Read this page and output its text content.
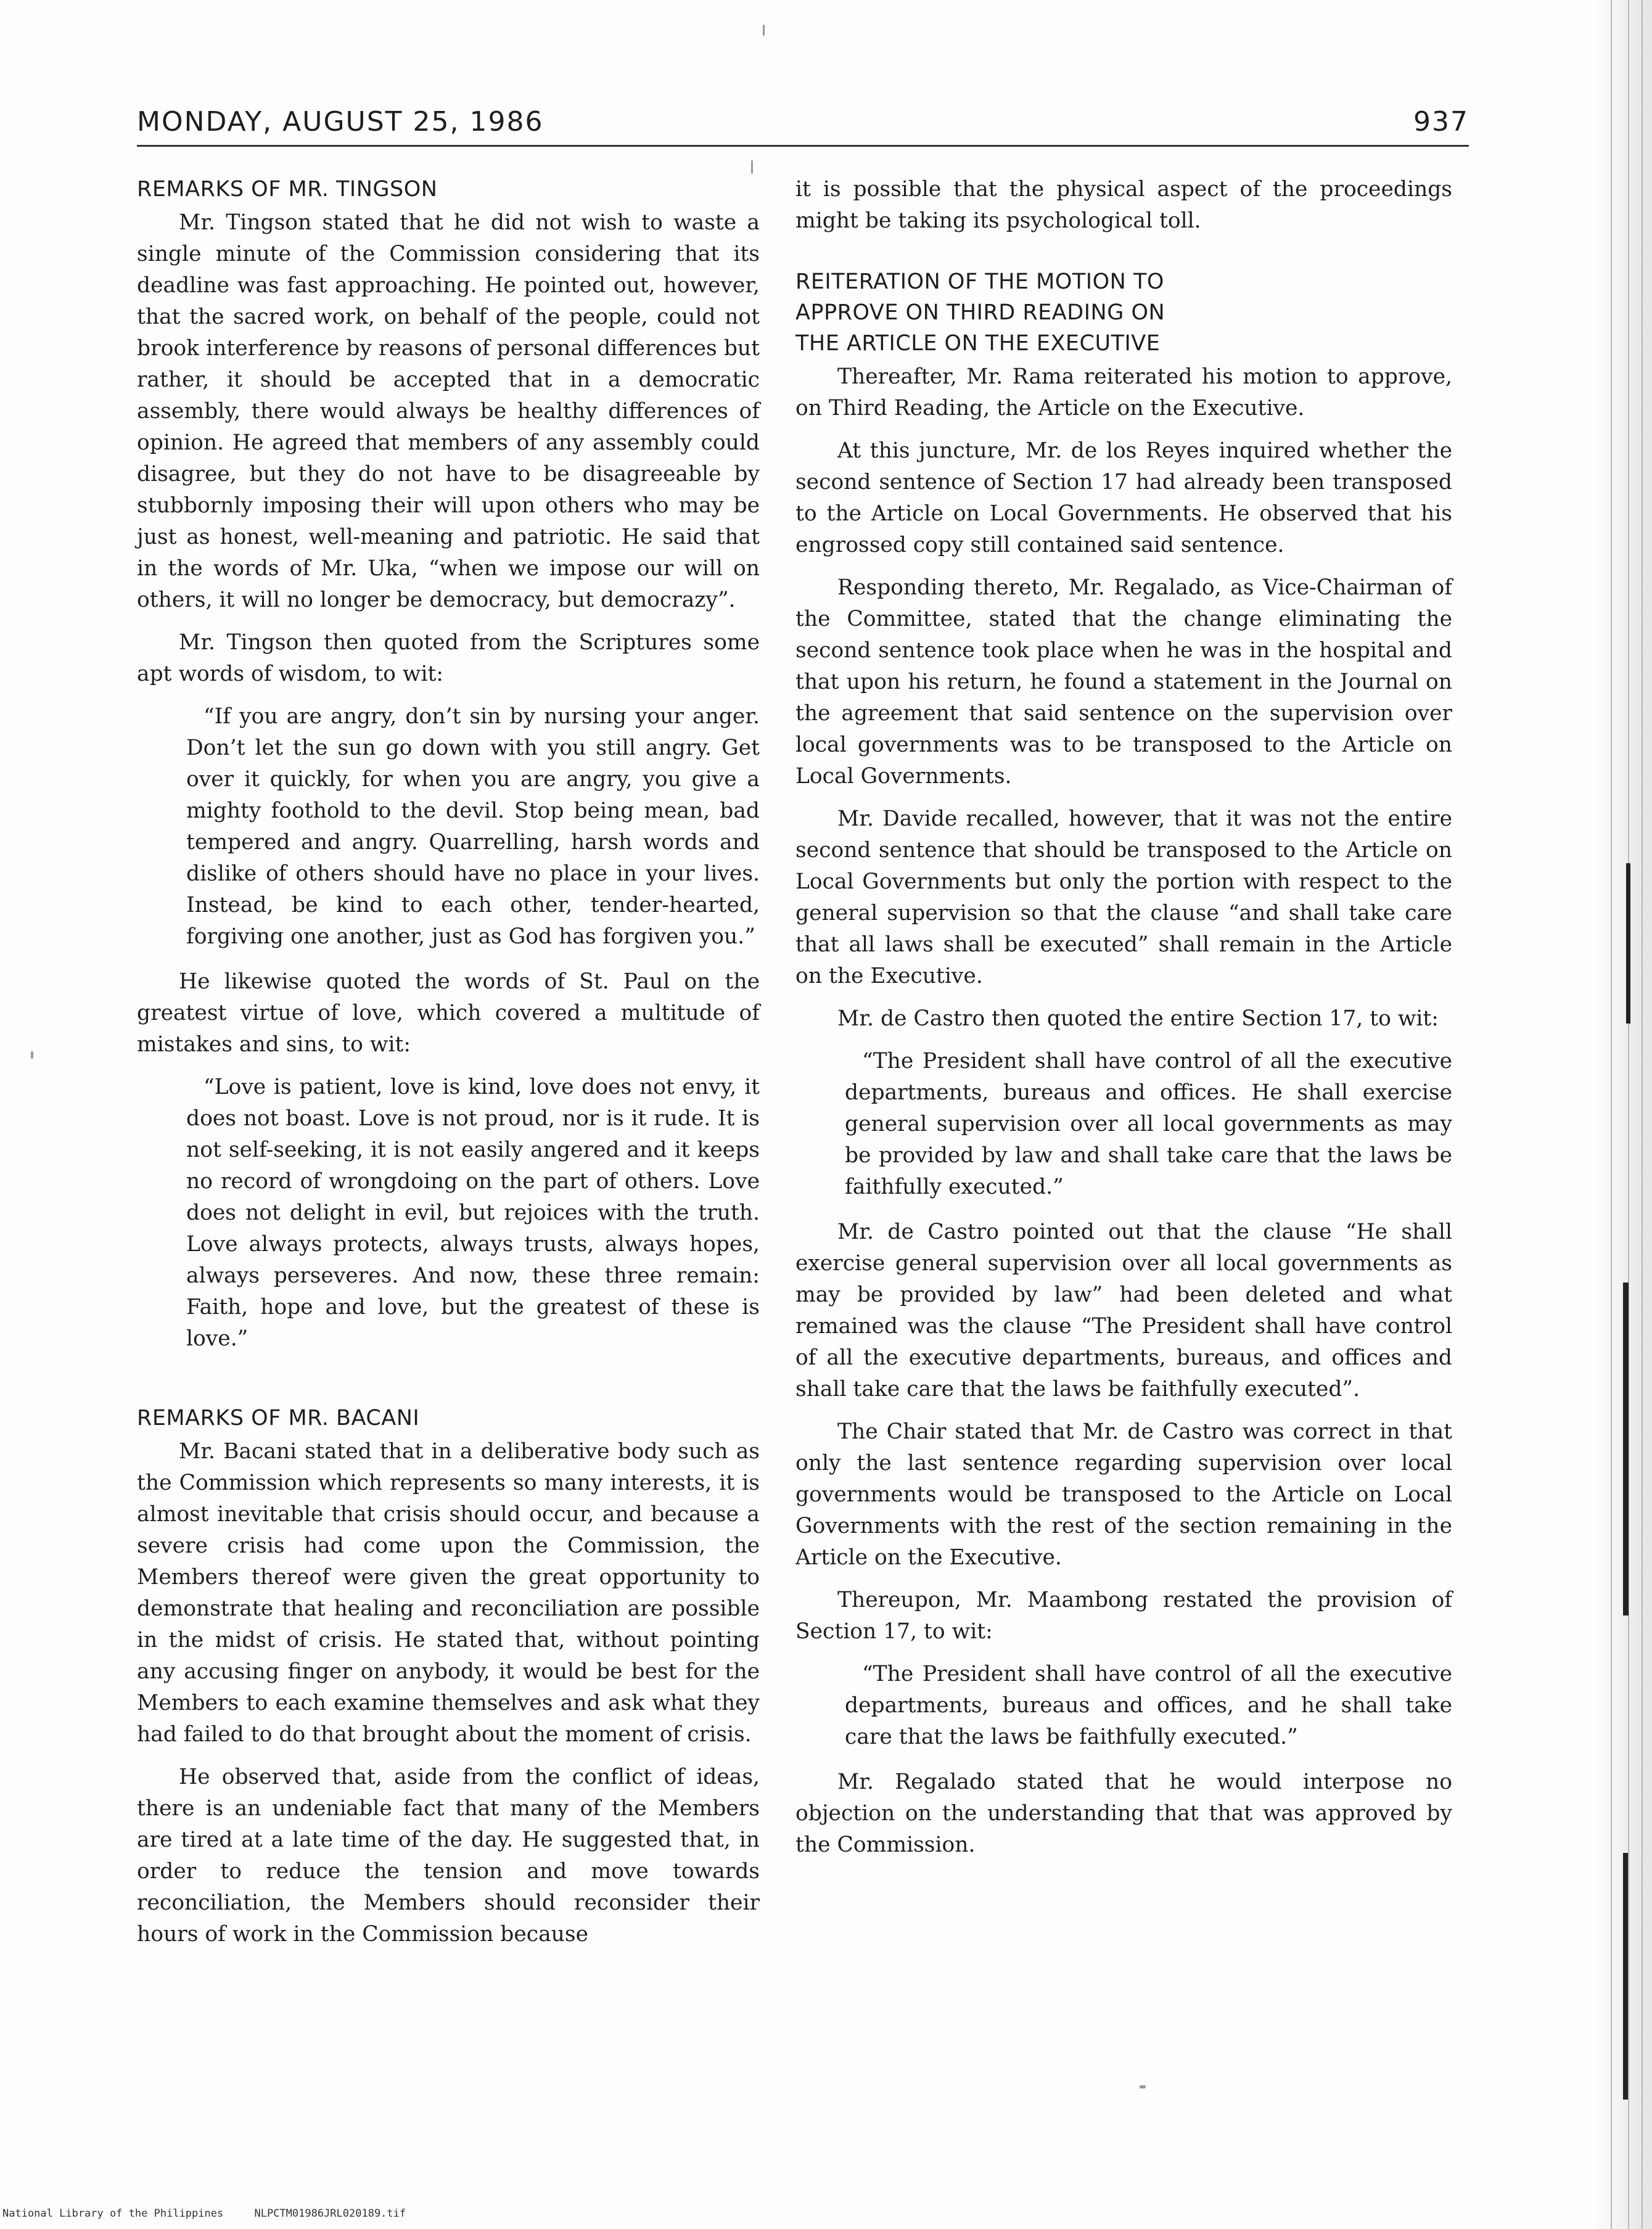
MONDAY, AUGUST 25, 1986	937
REMARKS OF MR. TINGSON

Mr. Tingson stated that he did not wish to waste a single minute of the Commission considering that its deadline was fast approaching. He pointed out, however, that the sacred work, on behalf of the people, could not brook interference by reasons of personal differences but rather, it should be accepted that in a democratic assembly, there would always be healthy differences of opinion. He agreed that members of any assembly could disagree, but they do not have to be disagreeable by stubbornly imposing their will upon others who may be just as honest, well-meaning and patriotic. He said that in the words of Mr. Uka, “when we impose our will on others, it will no longer be democracy, but democrazy”.

Mr. Tingson then quoted from the Scriptures some apt words of wisdom, to wit:

“If you are angry, don’t sin by nursing your anger. Don’t let the sun go down with you still angry. Get over it quickly, for when you are angry, you give a mighty foothold to the devil. Stop being mean, bad tempered and angry. Quarrelling, harsh words and dislike of others should have no place in your lives. Instead, be kind to each other, tender-hearted, forgiving one another, just as God has forgiven you.”

He likewise quoted the words of St. Paul on the greatest virtue of love, which covered a multitude of mistakes and sins, to wit:

“Love is patient, love is kind, love does not envy, it does not boast. Love is not proud, nor is it rude. It is not self-seeking, it is not easily angered and it keeps no record of wrongdoing on the part of others. Love does not delight in evil, but rejoices with the truth. Love always protects, always trusts, always hopes, always perseveres. And now, these three remain: Faith, hope and love, but the greatest of these is love.”

REMARKS OF MR. BACANI

Mr. Bacani stated that in a deliberative body such as the Commission which represents so many interests, it is almost inevitable that crisis should occur, and because a severe crisis had come upon the Commission, the Members thereof were given the great opportunity to demonstrate that healing and reconciliation are possible in the midst of crisis. He stated that, without pointing any accusing finger on anybody, it would be best for the Members to each examine themselves and ask what they had failed to do that brought about the moment of crisis.

He observed that, aside from the conflict of ideas, there is an undeniable fact that many of the Members are tired at a late time of the day. He suggested that, in order to reduce the tension and move towards reconciliation, the Members should reconsider their hours of work in the Commission because

it is possible that the physical aspect of the proceedings might be taking its psychological toll.

REITERATION OF THE MOTION TO
APPROVE ON THIRD READING ON
THE ARTICLE ON THE EXECUTIVE

Thereafter, Mr. Rama reiterated his motion to approve, on Third Reading, the Article on the Executive.

At this juncture, Mr. de los Reyes inquired whether the second sentence of Section 17 had already been transposed to the Article on Local Governments. He observed that his engrossed copy still contained said sentence.

Responding thereto, Mr. Regalado, as Vice-Chairman of the Committee, stated that the change eliminating the second sentence took place when he was in the hospital and that upon his return, he found a statement in the Journal on the agreement that said sentence on the supervision over local governments was to be transposed to the Article on Local Governments.

Mr. Davide recalled, however, that it was not the entire second sentence that should be transposed to the Article on Local Governments but only the portion with respect to the general supervision so that the clause “and shall take care that all laws shall be executed” shall remain in the Article on the Executive.

Mr. de Castro then quoted the entire Section 17, to wit:

“The President shall have control of all the executive departments, bureaus and offices. He shall exercise general supervision over all local governments as may be provided by law and shall take care that the laws be faithfully executed.”

Mr. de Castro pointed out that the clause “He shall exercise general supervision over all local governments as may be provided by law” had been deleted and what remained was the clause “The President shall have control of all the executive departments, bureaus, and offices and shall take care that the laws be faithfully executed”.

The Chair stated that Mr. de Castro was correct in that only the last sentence regarding supervision over local governments would be transposed to the Article on Local Governments with the rest of the section remaining in the Article on the Executive.

Thereupon, Mr. Maambong restated the provision of Section 17, to wit:

“The President shall have control of all the executive departments, bureaus and offices, and he shall take care that the laws be faithfully executed.”

Mr. Regalado stated that he would interpose no objection on the understanding that that was approved by the Commission.

National Library of the Philippines	NLPCTM01986JRL020189.tif
